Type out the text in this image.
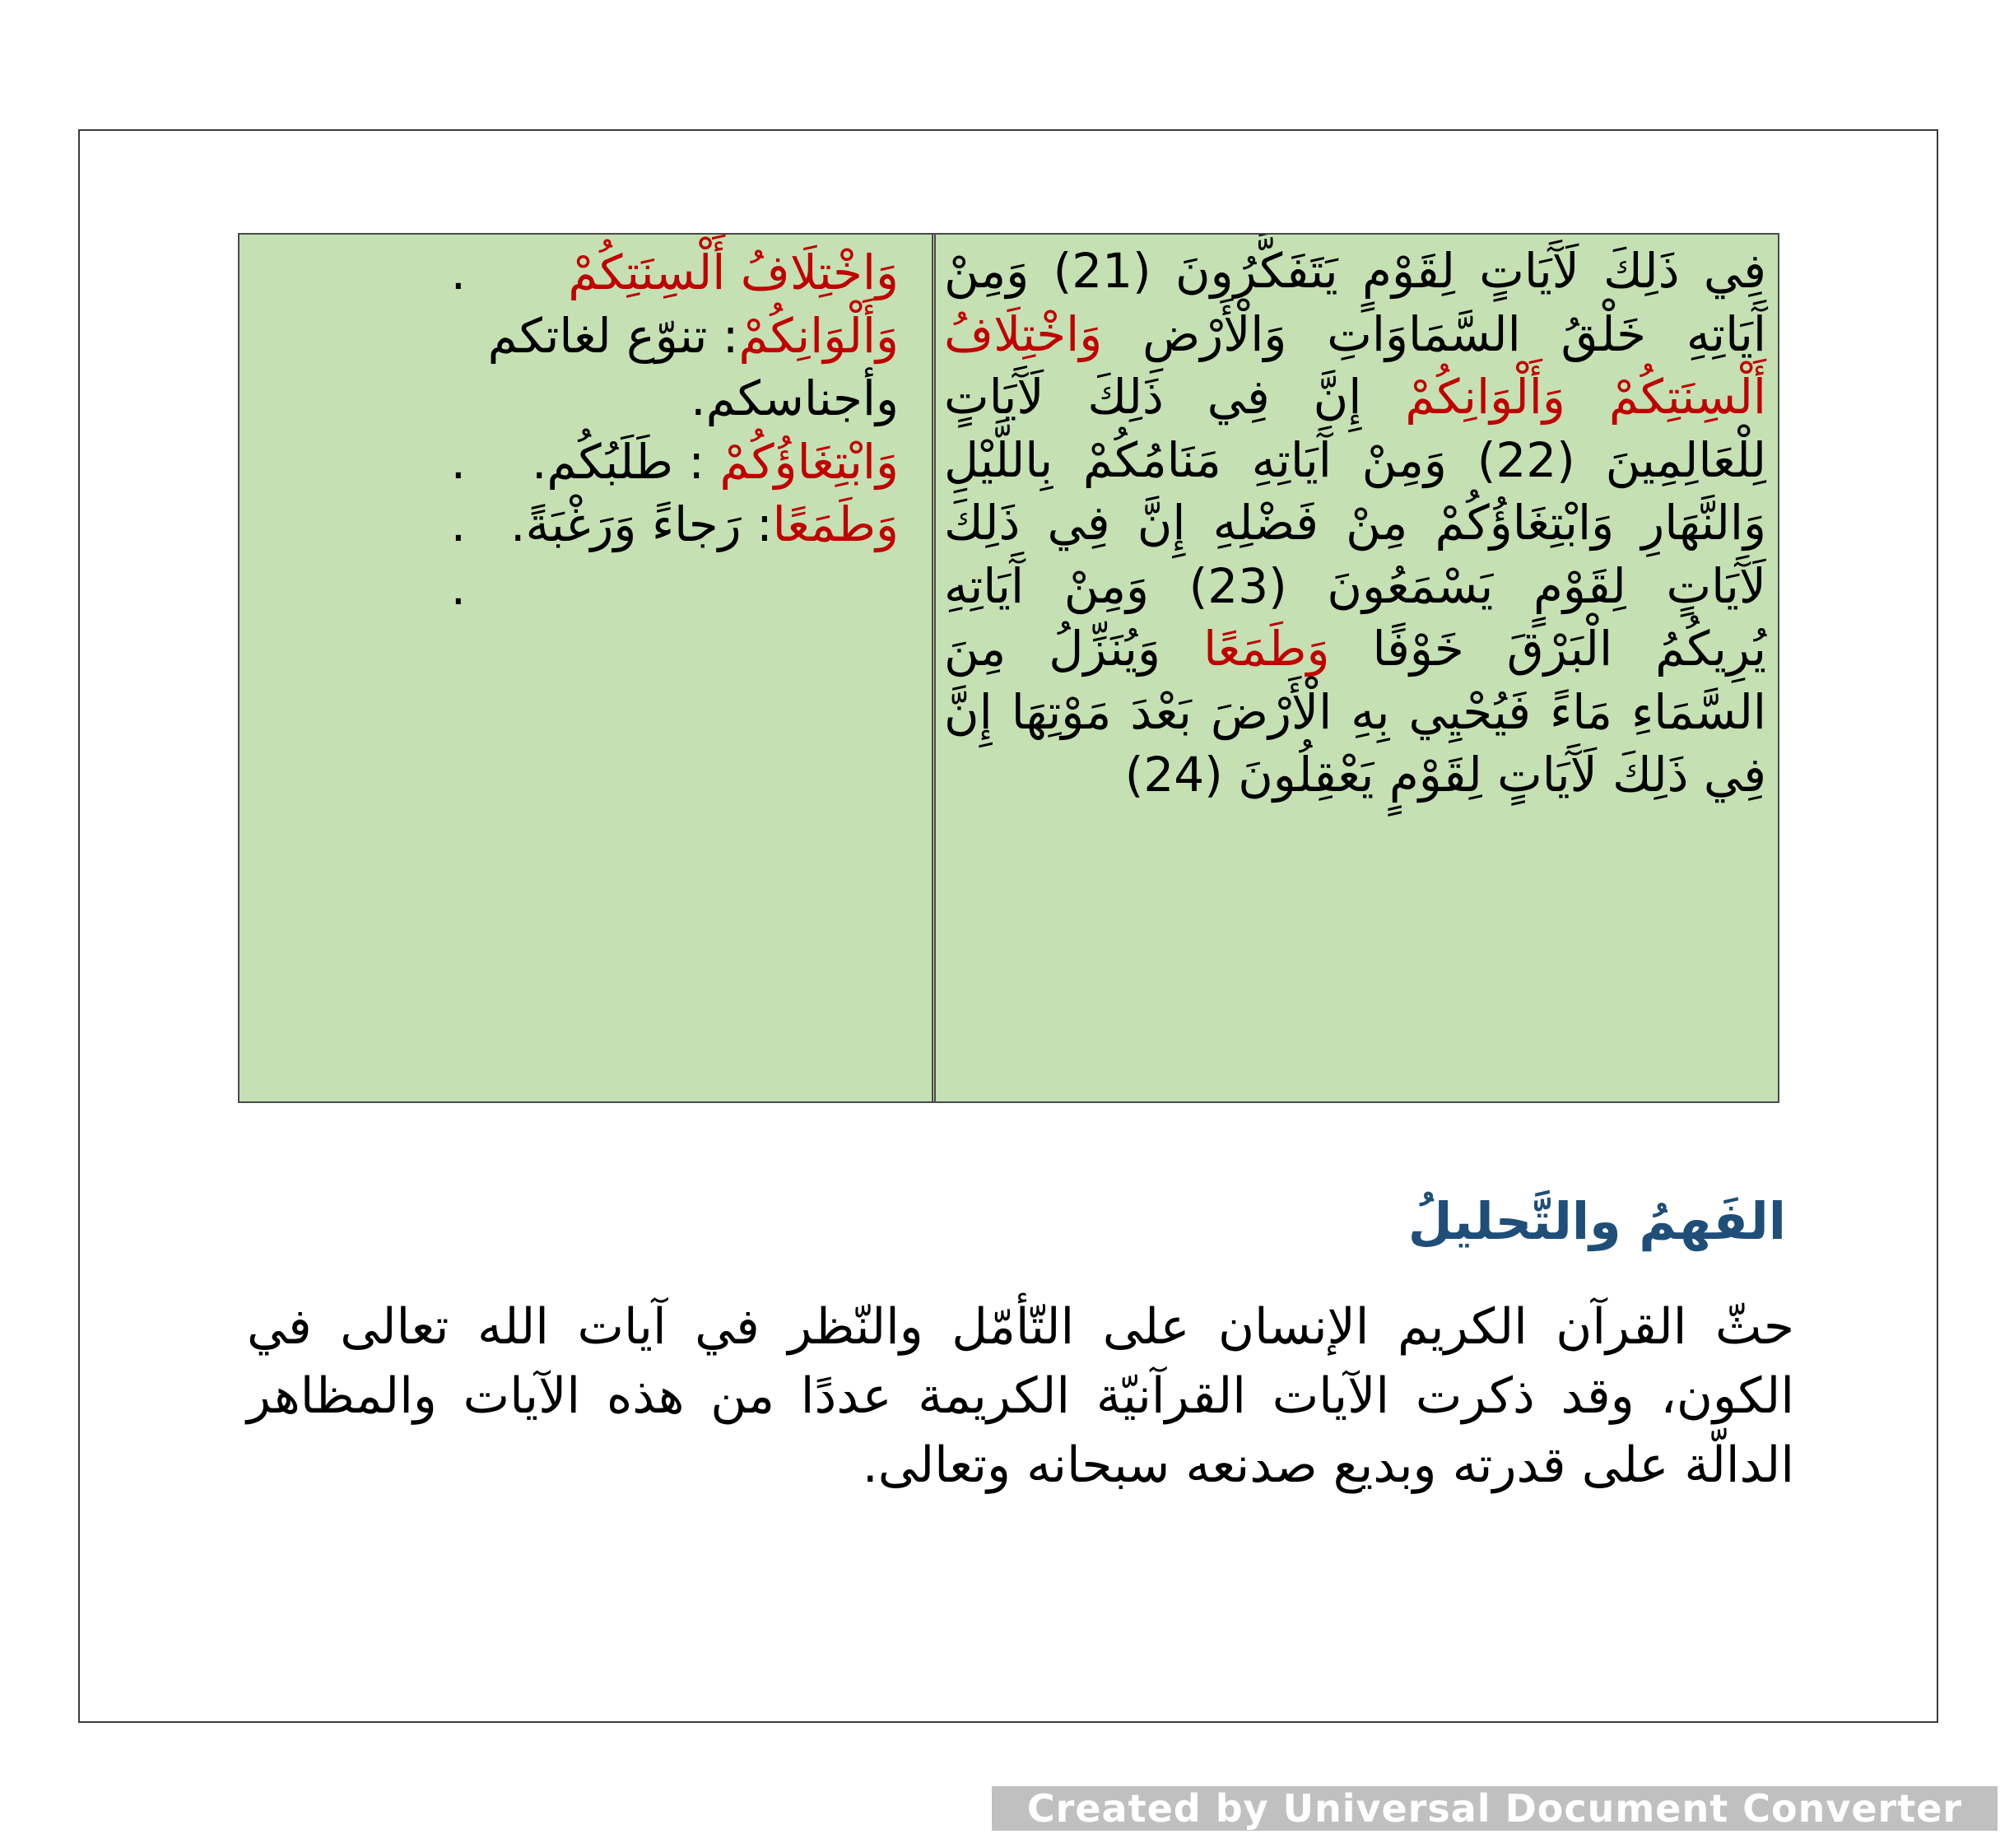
فِي ذَلِكَ لَآَيَاتٍ لِقَوْمٍ يَتَفَكَّرُونَ (21) وَمِنْ آَيَاتِهِ خَلْقُ السَّمَاوَاتِ وَالْأَرْضِ وَاخْتِلَافُ أَلْسِنَتِكُمْ وَأَلْوَانِكُمْ إِنَّ فِي ذَلِكَ لَآَيَاتٍ لِلْعَالِمِينَ (22) وَمِنْ آَيَاتِهِ مَنَامُكُمْ بِاللَّيْلِ وَالنَّهَارِ وَابْتِغَاؤُكُمْ مِنْ فَضْلِهِ إِنَّ فِي ذَلِكَ لَآَيَاتٍ لِقَوْمٍ يَسْمَعُونَ (23) وَمِنْ آَيَاتِهِ يُرِيكُمُ الْبَرْقَ خَوْفًا وَطَمَعًا وَيُنَزِّلُ مِنَ السَّمَاءِ مَاءً فَيُحْيِي بِهِ الْأَرْضَ بَعْدَ مَوْتِهَا إِنَّ فِي ذَلِكَ لَآَيَاتٍ لِقَوْمٍ يَعْقِلُونَ (24)
وَاخْتِلَافُ أَلْسِنَتِكُمْ وَأَلْوَانِكُمْ: تنوّع لغاتكم وأجناسكم.
.
وَابْتِغَاؤُكُمْ : طَلَبُكُم.
.
وَطَمَعًا: رَجاءً وَرَغْبَةً.
.
.
الفَهمُ والتَّحليلُ
حثّ القرآن الكريم الإنسان على التّأمّل والنّظر في آيات الله تعالى في الكون، وقد ذكرت الآيات القرآنيّة الكريمة عددًا من هذه الآيات والمظاهر الدالّة على قدرته وبديع صدنعه سبحانه وتعالى.
Created by Universal Document Converter
